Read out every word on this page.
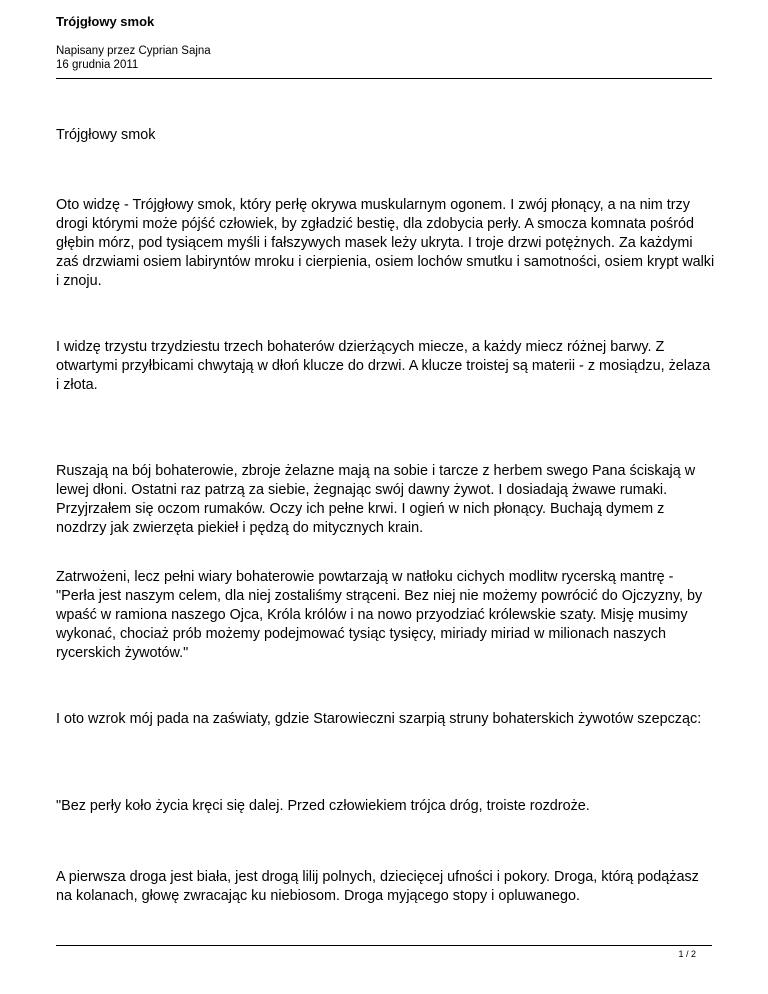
Trójgłowy smok
Napisany przez Cyprian Sajna
16 grudnia 2011

Trójgłowy smok

Oto widzę - Trójgłowy smok, który perłę okrywa muskularnym ogonem. I zwój płonący, a na nim trzy drogi którymi może pójść człowiek, by zgładzić bestię, dla zdobycia perły. A smocza komnata pośród głębin mórz, pod tysiącem myśli i fałszywych masek leży ukryta. I troje drzwi potężnych. Za każdymi zaś drzwiami osiem labiryntów mroku i cierpienia, osiem lochów smutku i samotności, osiem krypt walki i znoju.

I widzę trzystu trzydziestu trzech bohaterów dzierżących miecze, a każdy miecz różnej barwy. Z otwartymi przyłbicami chwytają w dłoń klucze do drzwi. A klucze troistej są materii - z mosiądzu, żelaza i złota.

Ruszają na bój bohaterowie, zbroje żelazne mają na sobie i tarcze z herbem swego Pana ściskają w lewej dłoni. Ostatni raz patrzą za siebie, żegnając swój dawny żywot. I dosiadają żwawe rumaki. Przyjrzałem się oczom rumaków. Oczy ich pełne krwi. I ogień w nich płonący. Buchają dymem z nozdrzy jak zwierzęta piekieł i pędzą do mitycznych krain.

Zatrwożeni, lecz pełni wiary bohaterowie powtarzają w natłoku cichych modlitw rycerską mantrę - "Perła jest naszym celem, dla niej zostaliśmy strąceni. Bez niej nie możemy powrócić do Ojczyzny, by wpaść w ramiona naszego Ojca, Króla królów i na nowo przyodziać królewskie szaty. Misję musimy wykonać, chociaż prób możemy podejmować tysiąc tysięcy, miriady miriad w milionach naszych rycerskich żywotów."

I oto wzrok mój pada na zaświaty, gdzie Starowieczni szarpią struny bohaterskich żywotów szepcząc:

"Bez perły koło życia kręci się dalej. Przed człowiekiem trójca dróg, troiste rozdroże.

A pierwsza droga jest biała, jest drogą lilij polnych, dziecięcej ufności i pokory. Droga, którą podążasz na kolanach, głowę zwracając ku niebiosom. Droga myjącego stopy i opluwanego.

1 / 2
